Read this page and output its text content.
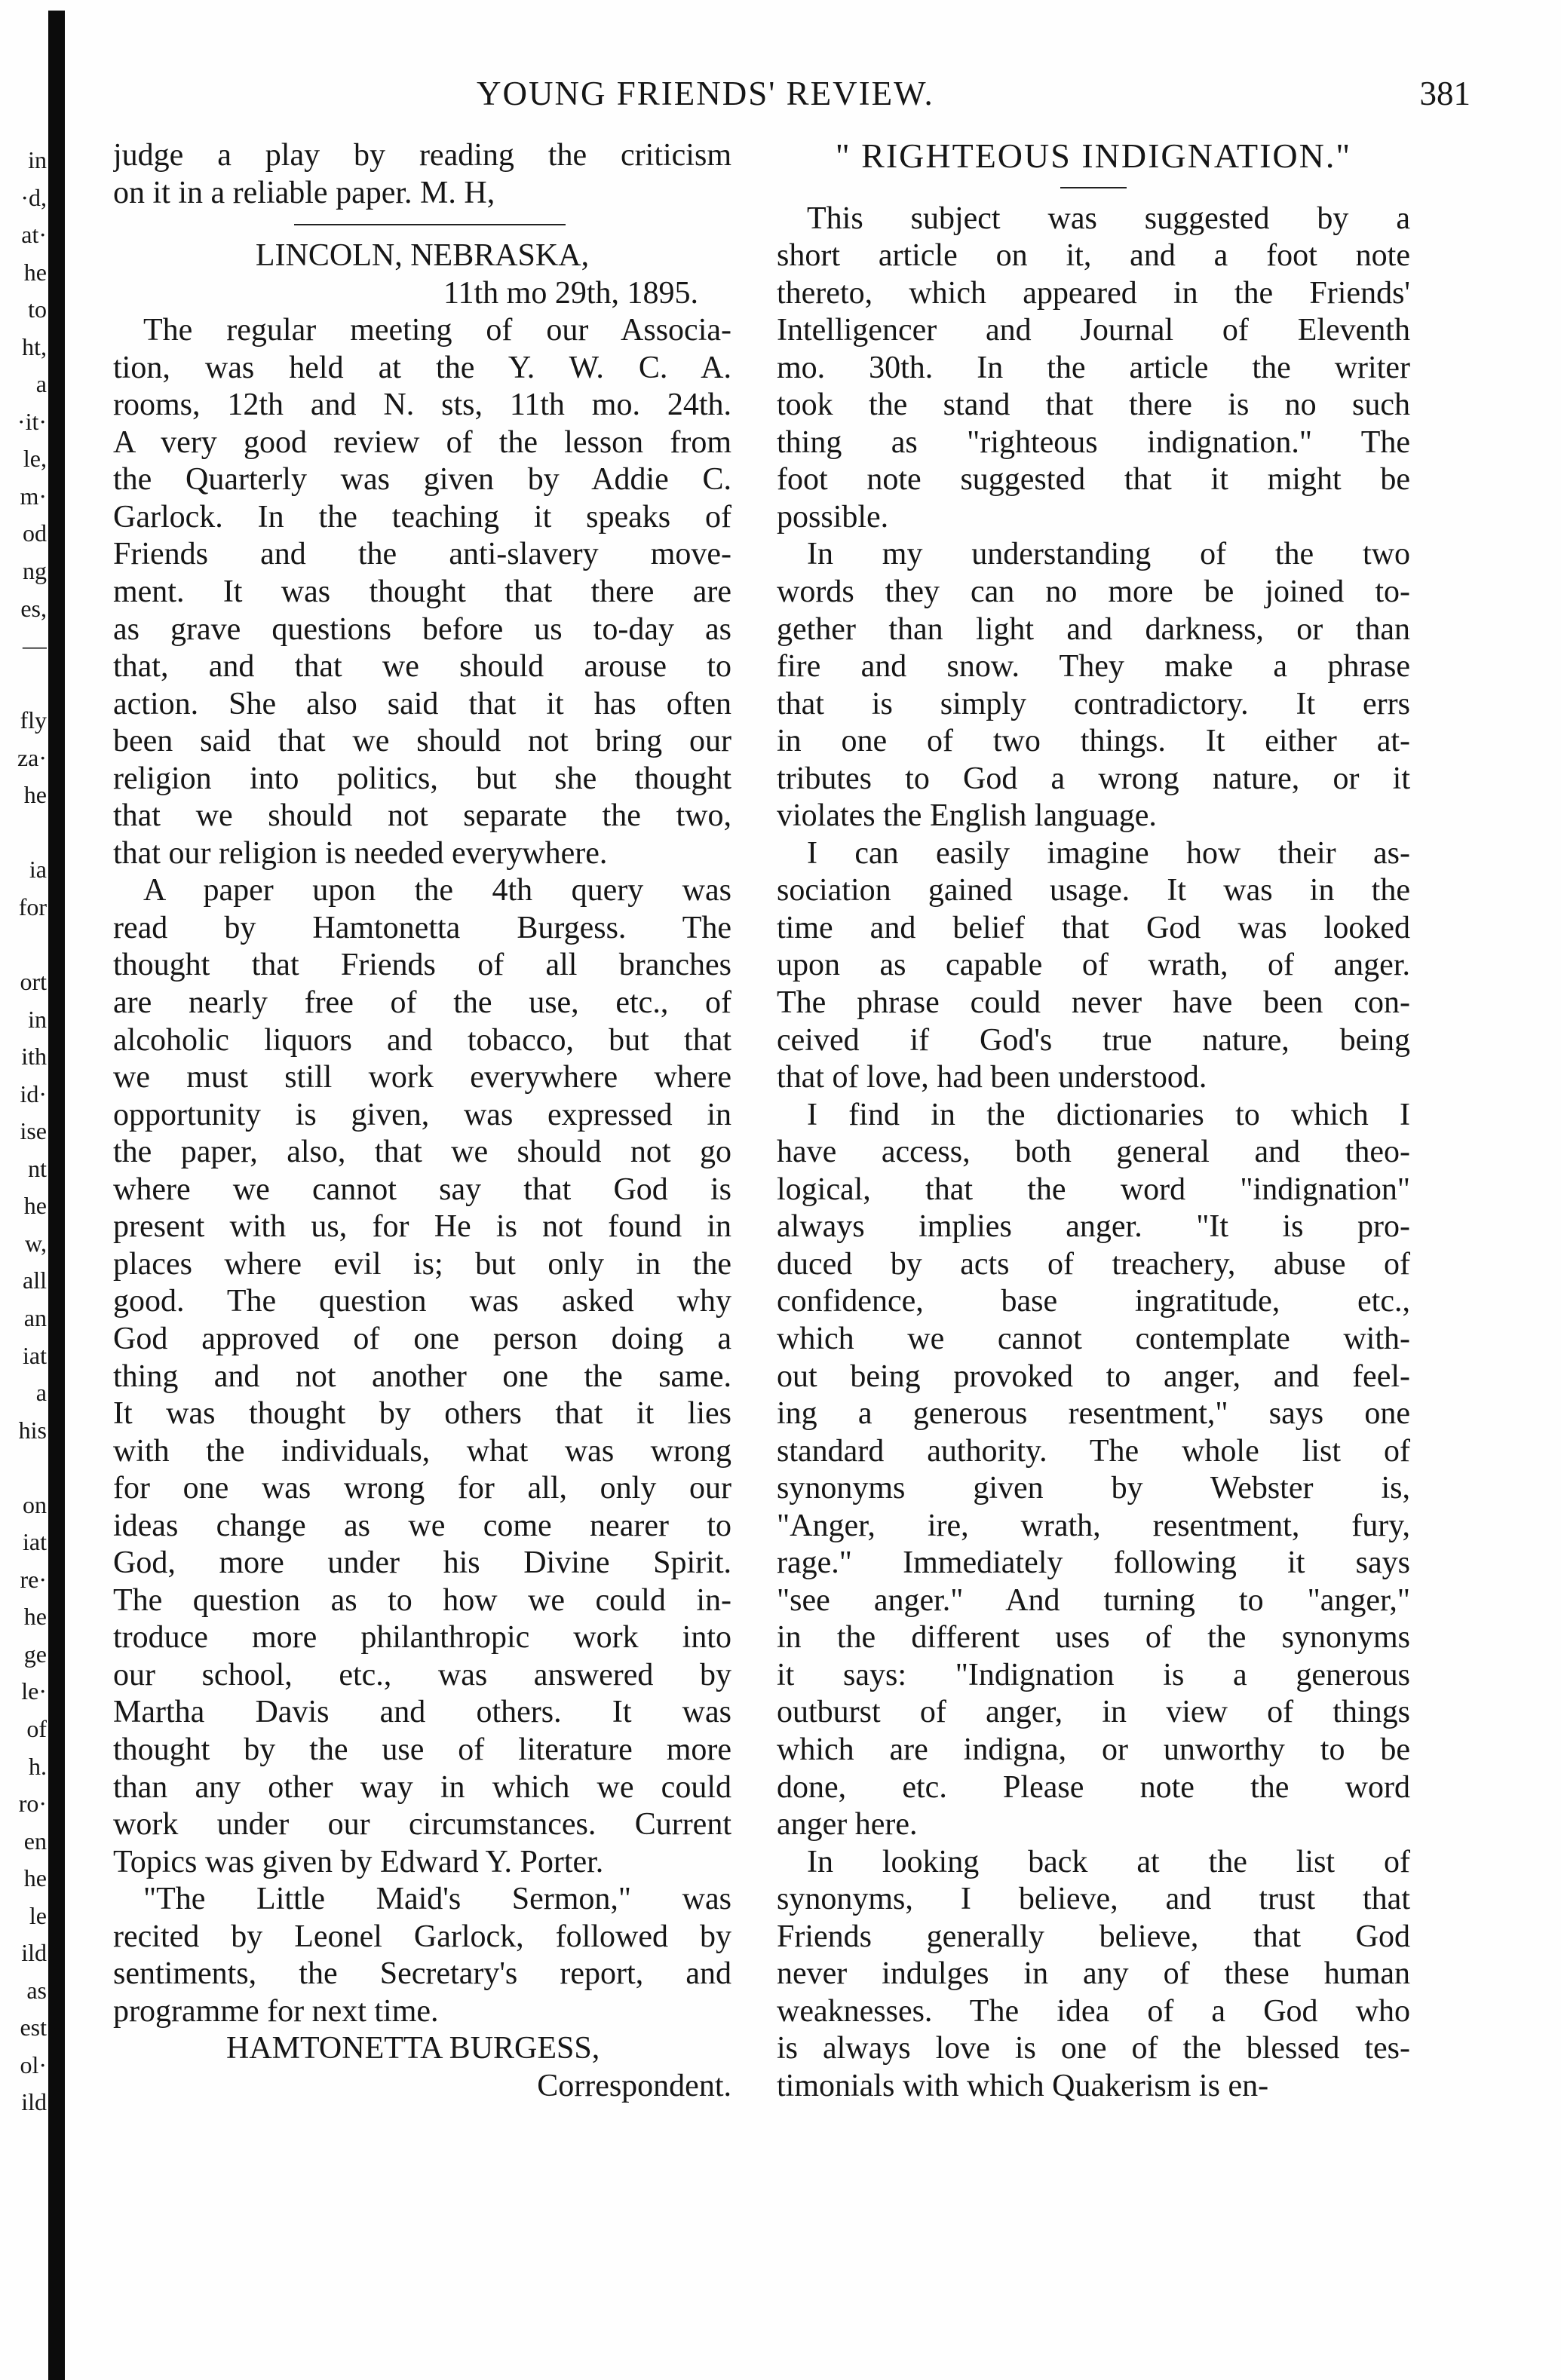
in
·d,
at·
he
to
ht,
a
·it·
le,
m·
od
ng
es,
—
fly
za·
he
ia
for
ort
in
ith
id·
ise
nt
he
w,
all
an
iat
a
his
on
iat
re·
he
ge
le·
of
h.
ro·
en
he
le
ild
as
est
ol·
ild
YOUNG FRIENDS' REVIEW.	381
judge a play by reading the criticism
on it in a reliable paper. M. H,
LINCOLN, NEBRASKA,
11th mo 29th, 1895.
The regular meeting of our Associa-
tion, was held at the Y. W. C. A.
rooms, 12th and N. sts, 11th mo. 24th.
A very good review of the lesson from
the Quarterly was given by Addie C.
Garlock. In the teaching it speaks of
Friends and the anti-slavery move-
ment. It was thought that there are
as grave questions before us to-day as
that, and that we should arouse to
action. She also said that it has often
been said that we should not bring our
religion into politics, but she thought
that we should not separate the two,
that our religion is needed everywhere.
A paper upon the 4th query was
read by Hamtonetta Burgess. The
thought that Friends of all branches
are nearly free of the use, etc., of
alcoholic liquors and tobacco, but that
we must still work everywhere where
opportunity is given, was expressed in
the paper, also, that we should not go
where we cannot say that God is
present with us, for He is not found in
places where evil is; but only in the
good. The question was asked why
God approved of one person doing a
thing and not another one the same.
It was thought by others that it lies
with the individuals, what was wrong
for one was wrong for all, only our
ideas change as we come nearer to
God, more under his Divine Spirit.
The question as to how we could in-
troduce more philanthropic work into
our school, etc., was answered by
Martha Davis and others. It was
thought by the use of literature more
than any other way in which we could
work under our circumstances. Current
Topics was given by Edward Y. Porter.
"The Little Maid's Sermon," was
recited by Leonel Garlock, followed by
sentiments, the Secretary's report, and
programme for next time.
HAMTONETTA BURGESS,
Correspondent.
" RIGHTEOUS INDIGNATION."
This subject was suggested by a
short article on it, and a foot note
thereto, which appeared in the Friends'
Intelligencer and Journal of Eleventh
mo. 30th. In the article the writer
took the stand that there is no such
thing as "righteous indignation." The
foot note suggested that it might be
possible.
In my understanding of the two
words they can no more be joined to-
gether than light and darkness, or than
fire and snow. They make a phrase
that is simply contradictory. It errs
in one of two things. It either at-
tributes to God a wrong nature, or it
violates the English language.
I can easily imagine how their as-
sociation gained usage. It was in the
time and belief that God was looked
upon as capable of wrath, of anger.
The phrase could never have been con-
ceived if God's true nature, being
that of love, had been understood.
I find in the dictionaries to which I
have access, both general and theo-
logical, that the word "indignation"
always implies anger. "It is pro-
duced by acts of treachery, abuse of
confidence, base ingratitude, etc.,
which we cannot contemplate with-
out being provoked to anger, and feel-
ing a generous resentment," says one
standard authority. The whole list of
synonyms given by Webster is,
"Anger, ire, wrath, resentment, fury,
rage." Immediately following it says
"see anger." And turning to "anger,"
in the different uses of the synonyms
it says: "Indignation is a generous
outburst of anger, in view of things
which are indigna, or unworthy to be
done, etc. Please note the word
anger here.
In looking back at the list of
synonyms, I believe, and trust that
Friends generally believe, that God
never indulges in any of these human
weaknesses. The idea of a God who
is always love is one of the blessed tes-
timonials with which Quakerism is en-
